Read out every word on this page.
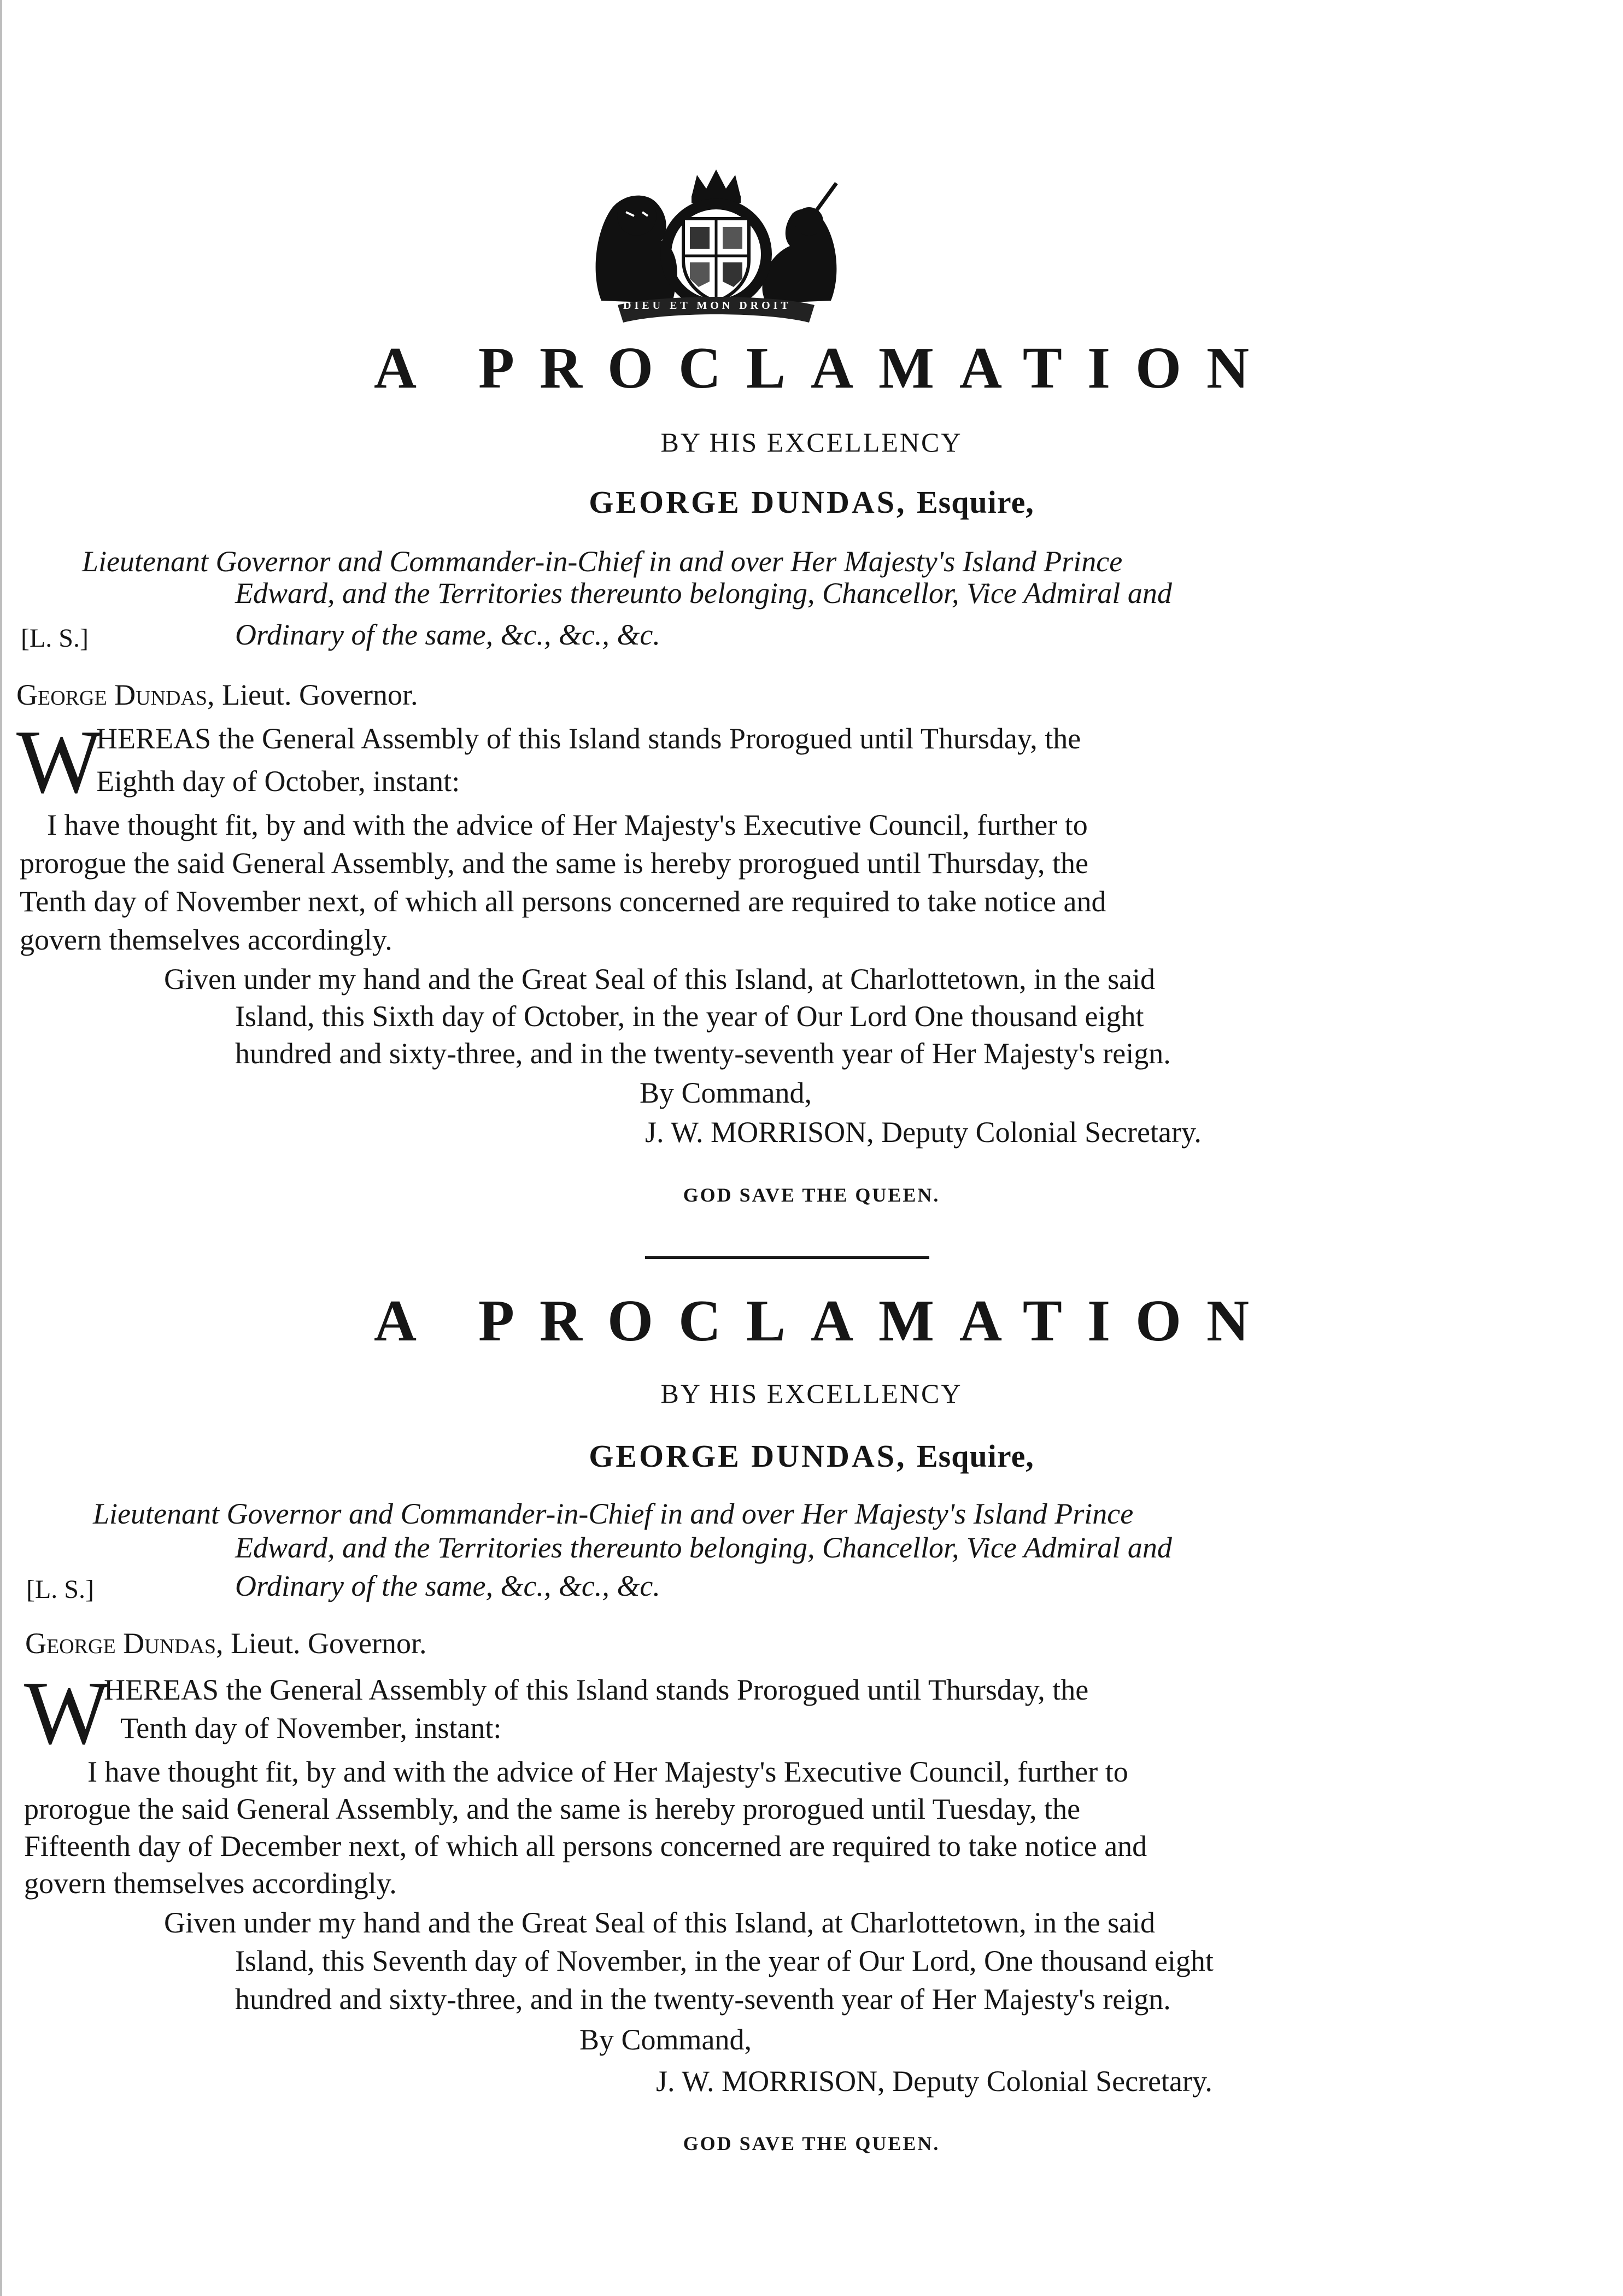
DIEU ET MON DROIT
A PROCLAMATION
BY HIS EXCELLENCY
GEORGE DUNDAS, Esquire,
Lieutenant Governor and Commander-in-Chief in and over Her Majesty's Island Prince
Edward, and the Territories thereunto belonging, Chancellor, Vice Admiral and
Ordinary of the same, &c., &c., &c.
[L. S.]
George Dundas, Lieut. Governor.
W
HEREAS the General Assembly of this Island stands Prorogued until Thursday, the
Eighth day of October, instant:
I have thought fit, by and with the advice of Her Majesty's Executive Council, further to
prorogue the said General Assembly, and the same is hereby prorogued until Thursday, the
Tenth day of November next, of which all persons concerned are required to take notice and
govern themselves accordingly.
Given under my hand and the Great Seal of this Island, at Charlottetown, in the said
Island, this Sixth day of October, in the year of Our Lord One thousand eight
hundred and sixty-three, and in the twenty-seventh year of Her Majesty's reign.
By Command,
J. W. MORRISON, Deputy Colonial Secretary.
GOD SAVE THE QUEEN.
A PROCLAMATION
BY HIS EXCELLENCY
GEORGE DUNDAS, Esquire,
Lieutenant Governor and Commander-in-Chief in and over Her Majesty's Island Prince
Edward, and the Territories thereunto belonging, Chancellor, Vice Admiral and
Ordinary of the same, &c., &c., &c.
[L. S.]
George Dundas, Lieut. Governor.
W
HEREAS the General Assembly of this Island stands Prorogued until Thursday, the
Tenth day of November, instant:
I have thought fit, by and with the advice of Her Majesty's Executive Council, further to
prorogue the said General Assembly, and the same is hereby prorogued until Tuesday, the
Fifteenth day of December next, of which all persons concerned are required to take notice and
govern themselves accordingly.
Given under my hand and the Great Seal of this Island, at Charlottetown, in the said
Island, this Seventh day of November, in the year of Our Lord, One thousand eight
hundred and sixty-three, and in the twenty-seventh year of Her Majesty's reign.
By Command,
J. W. MORRISON, Deputy Colonial Secretary.
GOD SAVE THE QUEEN.
